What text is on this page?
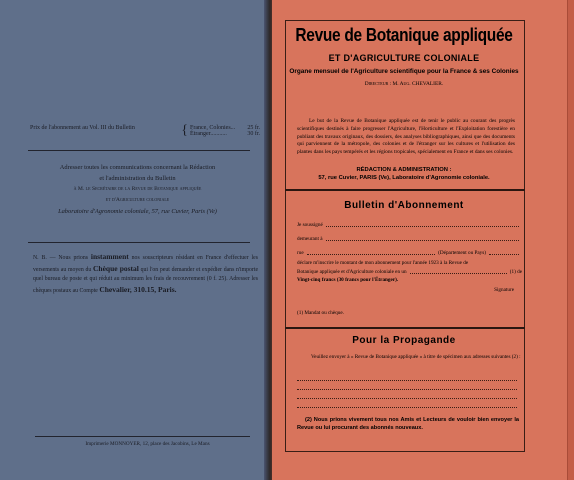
Prix de l'abonnement au Vol. III du Bulletin	{ France, Colonies... 25 fr.
Étranger...........	30 fr.
Adresser toutes les communications concernant la Rédaction
et l'administration du Bulletin
à M. le Secrétaire de la Revue de Botanique appliquée
et d'Agriculture coloniale
Laboratoire d'Agronomie coloniale, 57, rue Cuvier, Paris (Ve)
N. B. — Nous prions instamment nos souscripteurs résidant en France d'effectuer les versements au moyen du Chèque postal qui l'on peut demander et expédier dans n'importe quel bureau de poste et qui réduit au minimum les frais de recouvrement (0 f. 25). Adresser les chèques postaux au Compte Chevalier, 310.15, Paris.
Imprimerie MONNOYER, 12, place des Jacobins, Le Mans
Revue de Botanique appliquée
ET D'AGRICULTURE COLONIALE
Organe mensuel de l'Agriculture scientifique pour la France & ses Colonies
Directeur : M. Aug. CHEVALIER.
Le but de la Revue de Botanique appliquée est de tenir le public au courant des progrès scientifiques destinés à faire progresser l'Agriculture, l'Horticulture et l'Exploitation forestière en publiant des travaux originaux, des dossiers, des analyses bibliographiques, ainsi que des documents qui parviennent de la métropole, des colonies et de l'étranger sur les cultures et l'utilisation des plantes dans les pays tempérés et les régions tropicales, spécialement en France et dans ses colonies.
RÉDACTION & ADMINISTRATION :
57, rue Cuvier, PARIS (Ve), Laboratoire d'Agronomie coloniale.
Bulletin d'Abonnement
Je soussigné
demeurant à
rue	(Département ou Pays)
déclare m'inscrire le montant de mon abonnement pour l'année 1923 à la Revue de
Botanique appliquée et d'Agriculture coloniale en un	(1) de
Vingt-cinq francs (30 francs pour l'Étranger).
Signature
(1) Mandat ou chèque.
Pour la Propagande
Veuillez envoyer à « Revue de Botanique appliquée » à titre de spécimen aux adresses suivantes (2) :
(2) Nous prions vivement tous nos Amis et Lecteurs de vouloir bien envoyer la Revue ou lui procurant des abonnés nouveaux.
